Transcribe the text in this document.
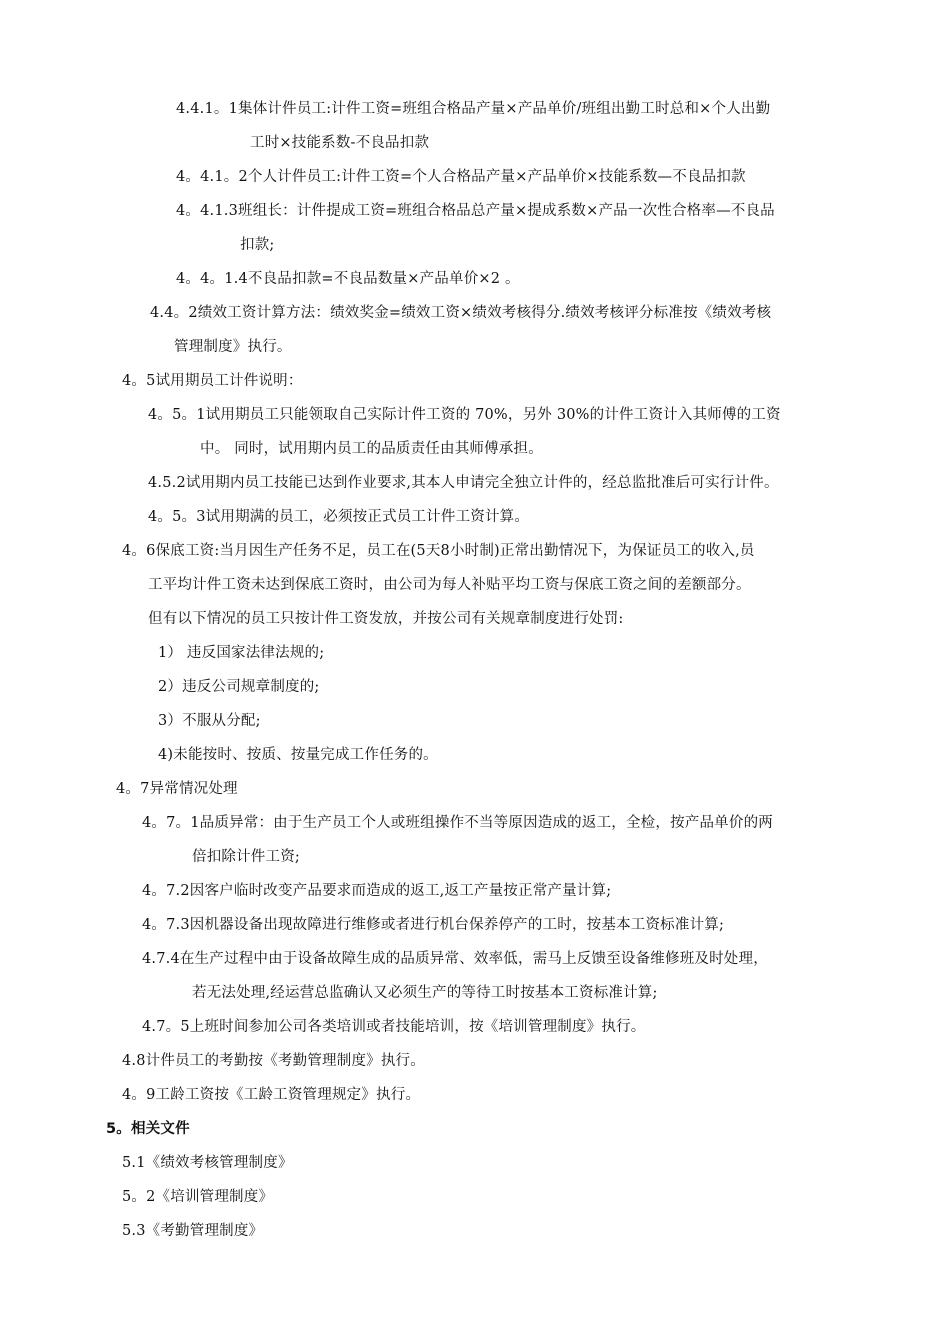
4.4.1。1集体计件员工:计件工资=班组合格品产量×产品单价/班组出勤工时总和×个人出勤
工时×技能系数-不良品扣款
4。4.1。2个人计件员工:计件工资=个人合格品产量×产品单价×技能系数—不良品扣款
4。4.1.3班组长：计件提成工资=班组合格品总产量×提成系数×产品一次性合格率—不良品
扣款;
4。4。1.4不良品扣款=不良品数量×产品单价×2 。
4.4。2绩效工资计算方法：绩效奖金=绩效工资×绩效考核得分.绩效考核评分标准按《绩效考核
管理制度》执行。
4。5试用期员工计件说明：
4。5。1试用期员工只能领取自己实际计件工资的 70%，另外 30%的计件工资计入其师傅的工资
中。 同时，试用期内员工的品质责任由其师傅承担。
4.5.2试用期内员工技能已达到作业要求,其本人申请完全独立计件的，经总监批准后可实行计件。
4。5。3试用期满的员工，必须按正式员工计件工资计算。
4。6保底工资:当月因生产任务不足，员工在(5天8小时制)正常出勤情况下，为保证员工的收入,员
工平均计件工资未达到保底工资时，由公司为每人补贴平均工资与保底工资之间的差额部分。
但有以下情况的员工只按计件工资发放，并按公司有关规章制度进行处罚:
1） 违反国家法律法规的;
2）违反公司规章制度的;
3）不服从分配;
4)未能按时、按质、按量完成工作任务的。
4。7异常情况处理
4。7。1品质异常：由于生产员工个人或班组操作不当等原因造成的返工，全检，按产品单价的两
倍扣除计件工资;
4。7.2因客户临时改变产品要求而造成的返工,返工产量按正常产量计算;
4。7.3因机器设备出现故障进行维修或者进行机台保养停产的工时，按基本工资标准计算;
4.7.4在生产过程中由于设备故障生成的品质异常、效率低，需马上反馈至设备维修班及时处理，
若无法处理,经运营总监确认又必须生产的等待工时按基本工资标准计算;
4.7。5上班时间参加公司各类培训或者技能培训，按《培训管理制度》执行。
4.8计件员工的考勤按《考勤管理制度》执行。
4。9工龄工资按《工龄工资管理规定》执行。
5。相关文件
5.1《绩效考核管理制度》
5。2《培训管理制度》
5.3《考勤管理制度》
